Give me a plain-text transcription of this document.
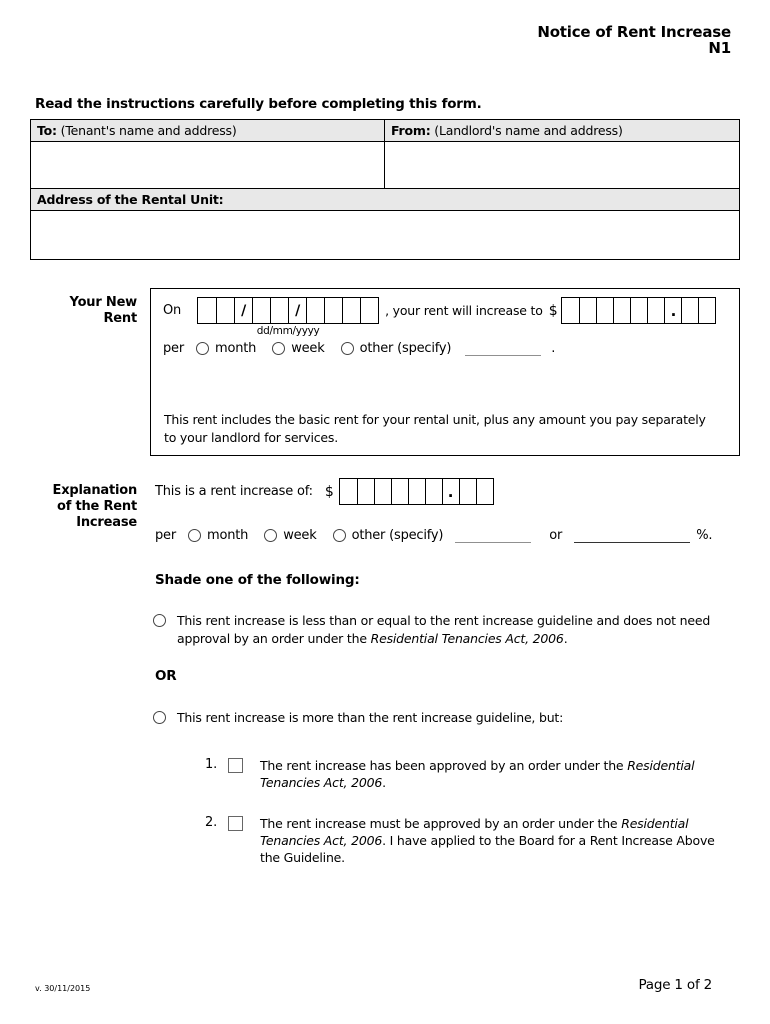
Notice of Rent Increase
N1
Read the instructions carefully before completing this form.
To: (Tenant's name and address)	From: (Landlord's name and address)
Address of the Rental Unit:
Your New
Rent
On	/	/
dd/mm/yyyy
, your rent will increase to $	.
per month	week	other (specify)	.
This rent includes the basic rent for your rental unit, plus any amount you pay separately to your landlord for services.
Explanation
of the Rent
Increase
This is a rent increase of: $	.
per month	week	other (specify)	or	%.
Shade one of the following:
This rent increase is less than or equal to the rent increase guideline and does not need approval by an order under the Residential Tenancies Act, 2006.
OR
This rent increase is more than the rent increase guideline, but:
1.	The rent increase has been approved by an order under the Residential Tenancies Act, 2006.
2.	The rent increase must be approved by an order under the Residential Tenancies Act, 2006. I have applied to the Board for a Rent Increase Above the Guideline.
v. 30/11/2015	Page 1 of 2
